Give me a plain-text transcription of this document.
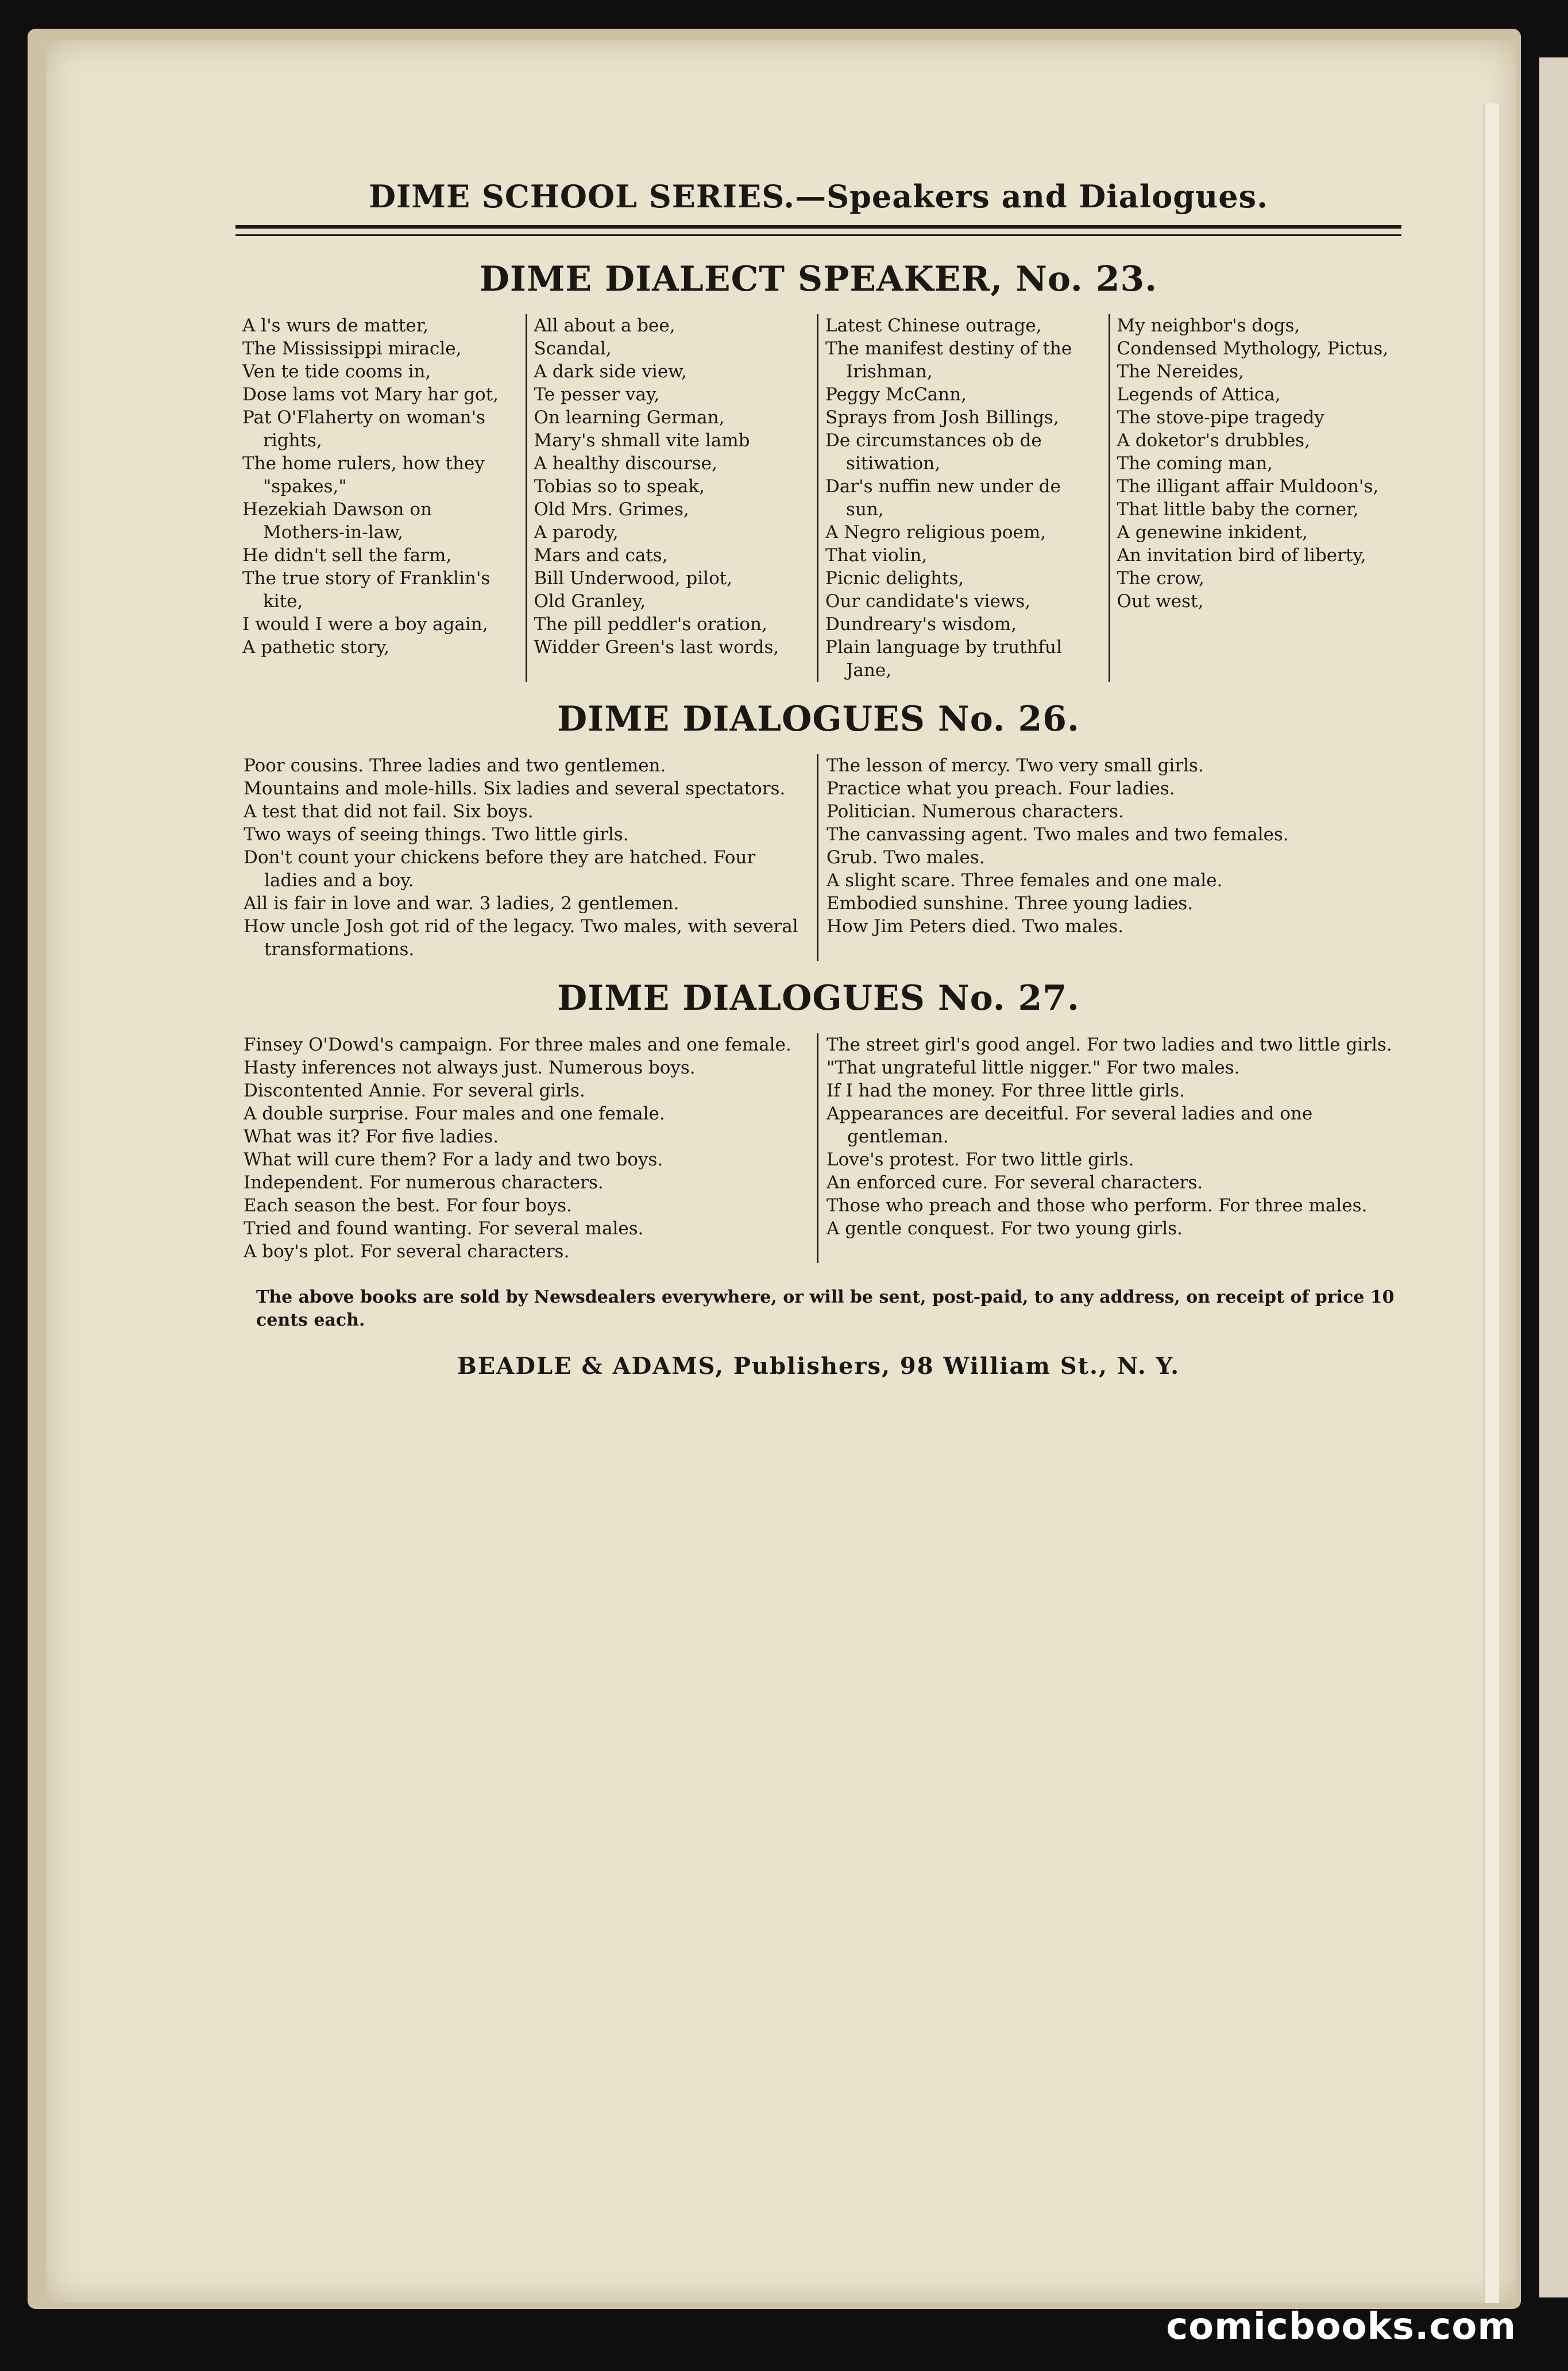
DIME SCHOOL SERIES.—Speakers and Dialogues.
DIME DIALECT SPEAKER, No. 23.

A l's wurs de matter,

The Mississippi miracle,

Ven te tide cooms in,

Dose lams vot Mary har got,

Pat O'Flaherty on woman's rights,

The home rulers, how they "spakes,"

Hezekiah Dawson on Mothers-in-law,

He didn't sell the farm,

The true story of Franklin's kite,

I would I were a boy again,

A pathetic story,

All about a bee,

Scandal,

A dark side view,

Te pesser vay,

On learning German,

Mary's shmall vite lamb

A healthy discourse,

Tobias so to speak,

Old Mrs. Grimes,

A parody,

Mars and cats,

Bill Underwood, pilot,

Old Granley,

The pill peddler's oration,

Widder Green's last words,

Latest Chinese outrage,

The manifest destiny of the Irishman,

Peggy McCann,

Sprays from Josh Billings,

De circumstances ob de sitiwation,

Dar's nuffin new under de sun,

A Negro religious poem,

That violin,

Picnic delights,

Our candidate's views,

Dundreary's wisdom,

Plain language by truthful Jane,

My neighbor's dogs,

Condensed Mythology, Pictus,

The Nereides,

Legends of Attica,

The stove-pipe tragedy

A doketor's drubbles,

The coming man,

The illigant affair Muldoon's,

That little baby the corner,

A genewine inkident,

An invitation bird of liberty,

The crow,

Out west,

DIME DIALOGUES No. 26.

Poor cousins. Three ladies and two gentlemen.

Mountains and mole-hills. Six ladies and several spectators.

A test that did not fail. Six boys.

Two ways of seeing things. Two little girls.

Don't count your chickens before they are hatched. Four ladies and a boy.

All is fair in love and war. 3 ladies, 2 gentlemen.

How uncle Josh got rid of the legacy. Two males, with several transformations.

The lesson of mercy. Two very small girls.

Practice what you preach. Four ladies.

Politician. Numerous characters.

The canvassing agent. Two males and two females.

Grub. Two males.

A slight scare. Three females and one male.

Embodied sunshine. Three young ladies.

How Jim Peters died. Two males.

DIME DIALOGUES No. 27.

Finsey O'Dowd's campaign. For three males and one female.

Hasty inferences not always just. Numerous boys.

Discontented Annie. For several girls.

A double surprise. Four males and one female.

What was it? For five ladies.

What will cure them? For a lady and two boys.

Independent. For numerous characters.

Each season the best. For four boys.

Tried and found wanting. For several males.

A boy's plot. For several characters.

The street girl's good angel. For two ladies and two little girls.

"That ungrateful little nigger." For two males.

If I had the money. For three little girls.

Appearances are deceitful. For several ladies and one gentleman.

Love's protest. For two little girls.

An enforced cure. For several characters.

Those who preach and those who perform. For three males.

A gentle conquest. For two young girls.

The above books are sold by Newsdealers everywhere, or will be sent, post-paid, to any address, on receipt of price 10 cents each.

BEADLE & ADAMS, Publishers, 98 William St., N. Y.
comicbooks.com
